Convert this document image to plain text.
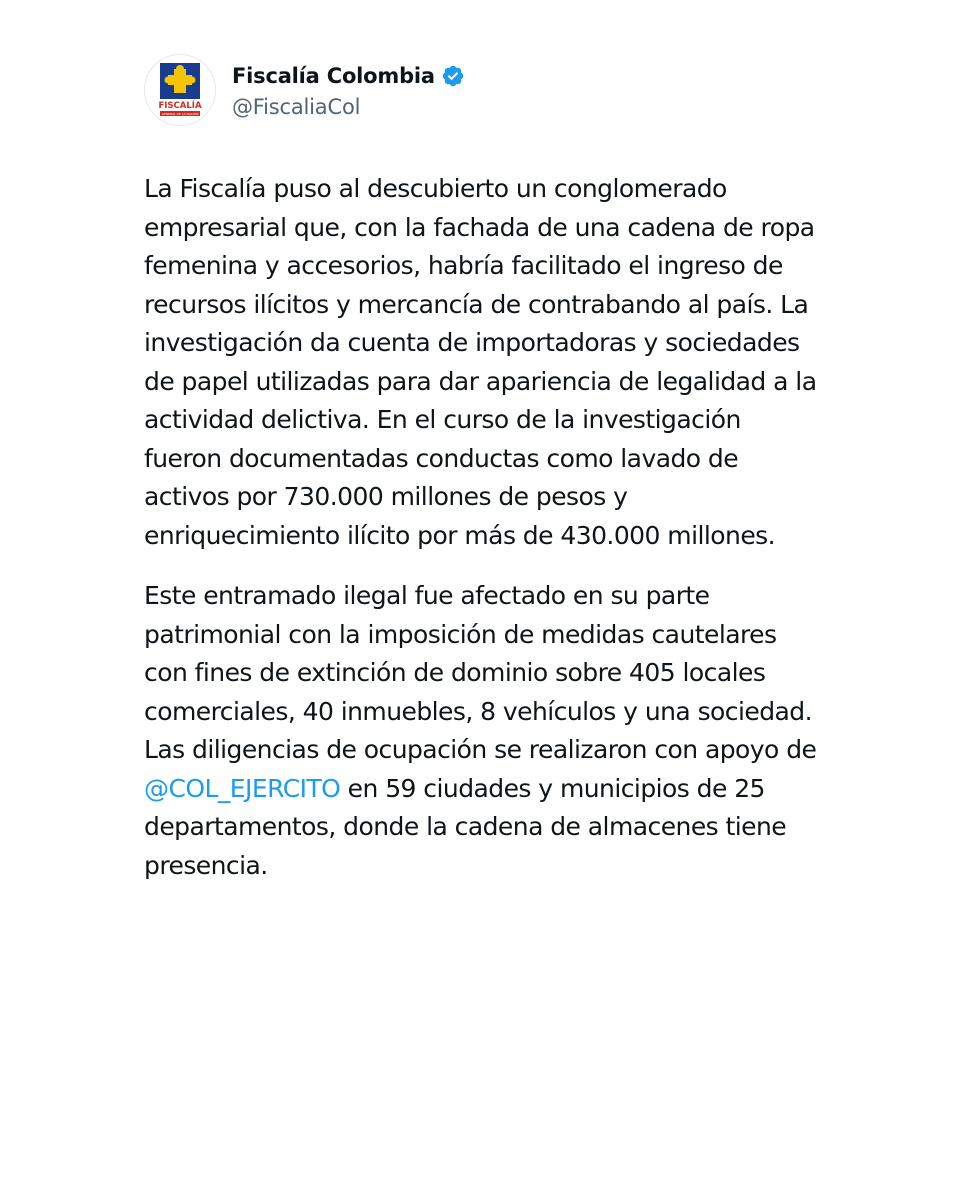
FISCALÍA
GENERAL DE LA NACIÓN
Fiscalía Colombia
@FiscaliaCol

La Fiscalía puso al descubierto un conglomerado empresarial que, con la fachada de una cadena de ropa femenina y accesorios, habría facilitado el ingreso de recursos ilícitos y mercancía de contrabando al país. La investigación da cuenta de importadoras y sociedades de papel utilizadas para dar apariencia de legalidad a la actividad delictiva. En el curso de la investigación fueron documentadas conductas como lavado de activos por 730.000 millones de pesos y enriquecimiento ilícito por más de 430.000 millones.

Este entramado ilegal fue afectado en su parte patrimonial con la imposición de medidas cautelares con fines de extinción de dominio sobre 405 locales comerciales, 40 inmuebles, 8 vehículos y una sociedad. Las diligencias de ocupación se realizaron con apoyo de @COL_EJERCITO en 59 ciudades y municipios de 25 departamentos, donde la cadena de almacenes tiene presencia.
